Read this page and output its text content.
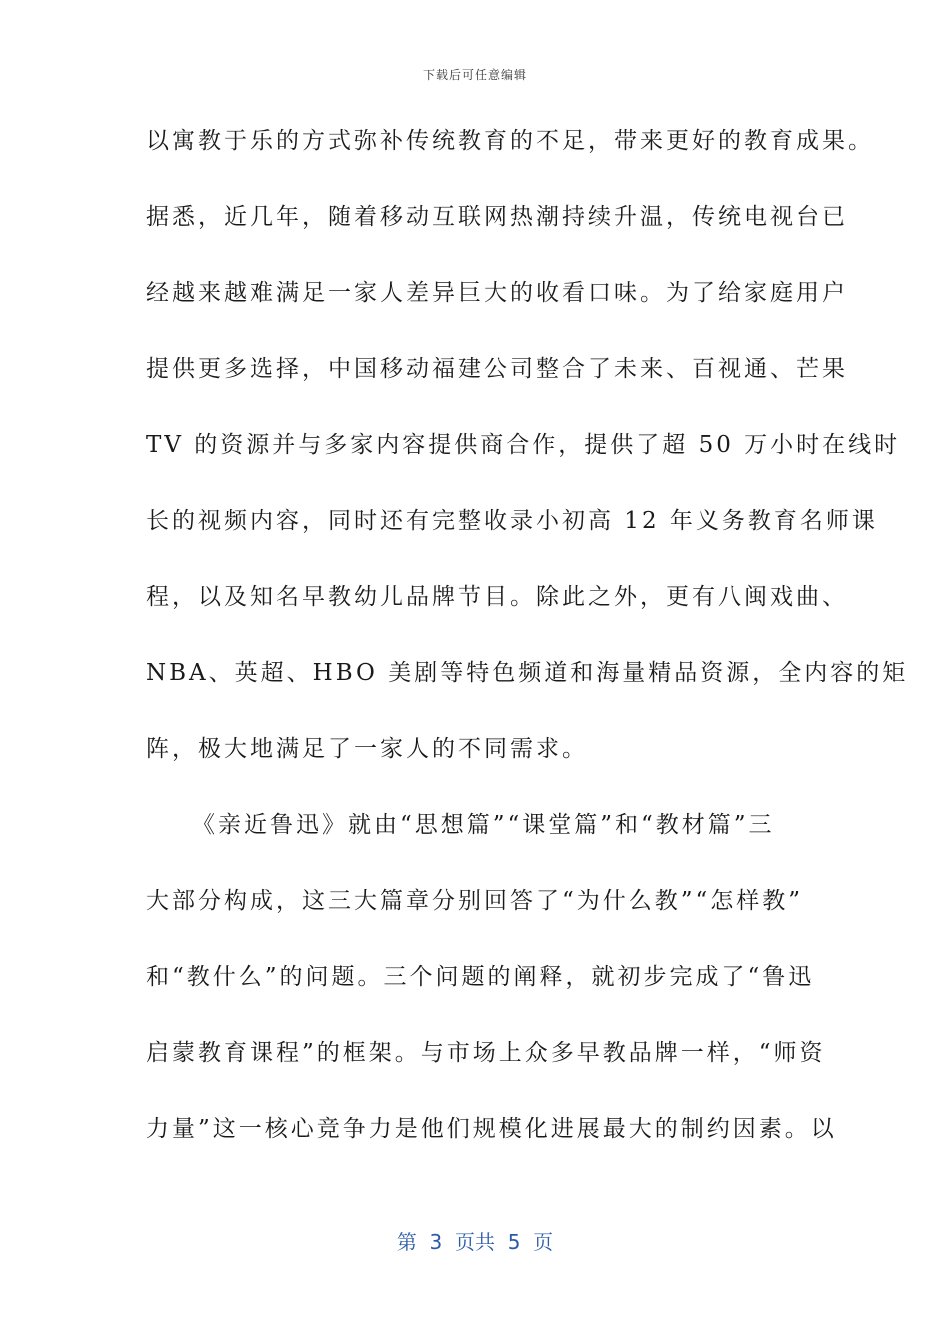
下载后可任意编辑
以寓教于乐的方式弥补传统教育的不足，带来更好的教育成果。
据悉，近几年，随着移动互联网热潮持续升温，传统电视台已
经越来越难满足一家人差异巨大的收看口味。为了给家庭用户
提供更多选择，中国移动福建公司整合了未来、百视通、芒果
TV 的资源并与多家内容提供商合作，提供了超 50 万小时在线时
长的视频内容，同时还有完整收录小初高 12 年义务教育名师课
程，以及知名早教幼儿品牌节目。除此之外，更有八闽戏曲、
NBA、英超、HBO 美剧等特色频道和海量精品资源，全内容的矩
阵，极大地满足了一家人的不同需求。
《亲近鲁迅》就由“思想篇”“课堂篇”和“教材篇”三
大部分构成，这三大篇章分别回答了“为什么教”“怎样教”
和“教什么”的问题。三个问题的阐释，就初步完成了“鲁迅
启蒙教育课程”的框架。与市场上众多早教品牌一样，“师资
力量”这一核心竞争力是他们规模化进展最大的制约因素。以
第  3  页共  5  页
